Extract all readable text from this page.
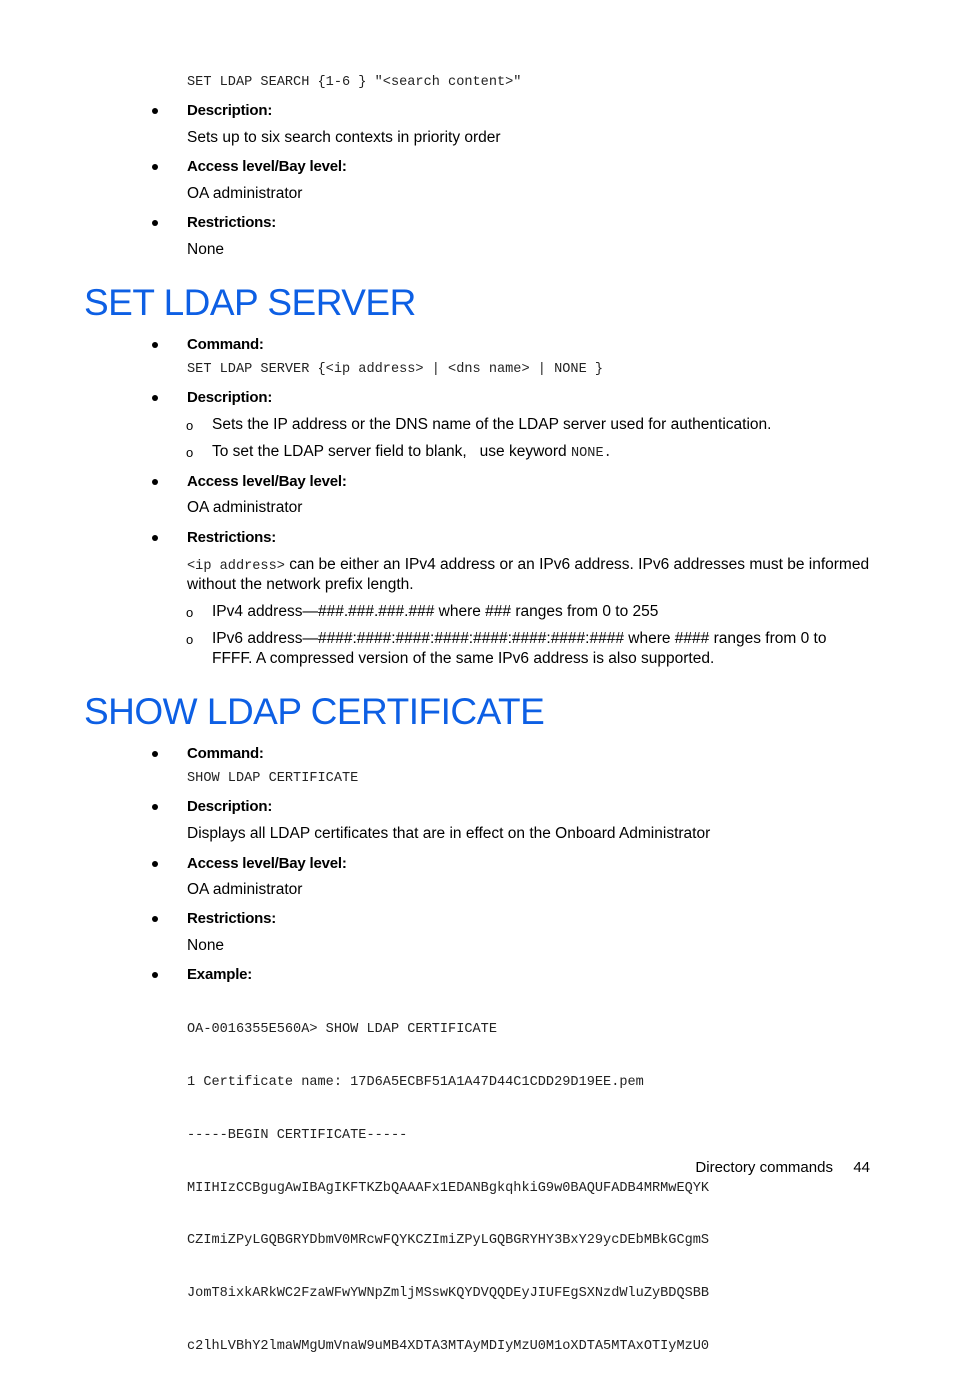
SET LDAP SEARCH {1-6 } "<search content>"
Description:
Sets up to six search contexts in priority order
Access level/Bay level:
OA administrator
Restrictions:
None
SET LDAP SERVER
Command:
SET LDAP SERVER {<ip address> | <dns name> | NONE }
Description:
o Sets the IP address or the DNS name of the LDAP server used for authentication.
o To set the LDAP server field to blank,   use keyword NONE.
Access level/Bay level:
OA administrator
Restrictions:
<ip address> can be either an IPv4 address or an IPv6 address. IPv6 addresses must be informed
without the network prefix length.
o IPv4 address—###.###.###.### where ### ranges from 0 to 255
o IPv6 address—####:####:####:####:####:####:####:#### where #### ranges from 0 to
FFFF. A compressed version of the same IPv6 address is also supported.
SHOW LDAP CERTIFICATE
Command:
SHOW LDAP CERTIFICATE
Description:
Displays all LDAP certificates that are in effect on the Onboard Administrator
Access level/Bay level:
OA administrator
Restrictions:
None
Example:

OA-0016355E560A> SHOW LDAP CERTIFICATE

1 Certificate name: 17D6A5ECBF51A1A47D44C1CDD29D19EE.pem

-----BEGIN CERTIFICATE-----

MIIHIzCCBgugAwIBAgIKFTKZbQAAAFx1EDANBgkqhkiG9w0BAQUFADB4MRMwEQYK

CZImiZPyLGQBGRYDbmV0MRcwFQYKCZImiZPyLGQBGRYHY3BxY29ycDEbMBkGCgmS

JomT8ixkARkWC2FzaWFwYWNpZmljMSswKQYDVQQDEyJIUFEgSXNzdWluZyBDQSBB

c2lhLVBhY2lmaWMgUmVnaW9uMB4XDTA3MTAyMDIyMzU0M1oXDTA5MTAxOTIyMzU0

Directory commands 44
